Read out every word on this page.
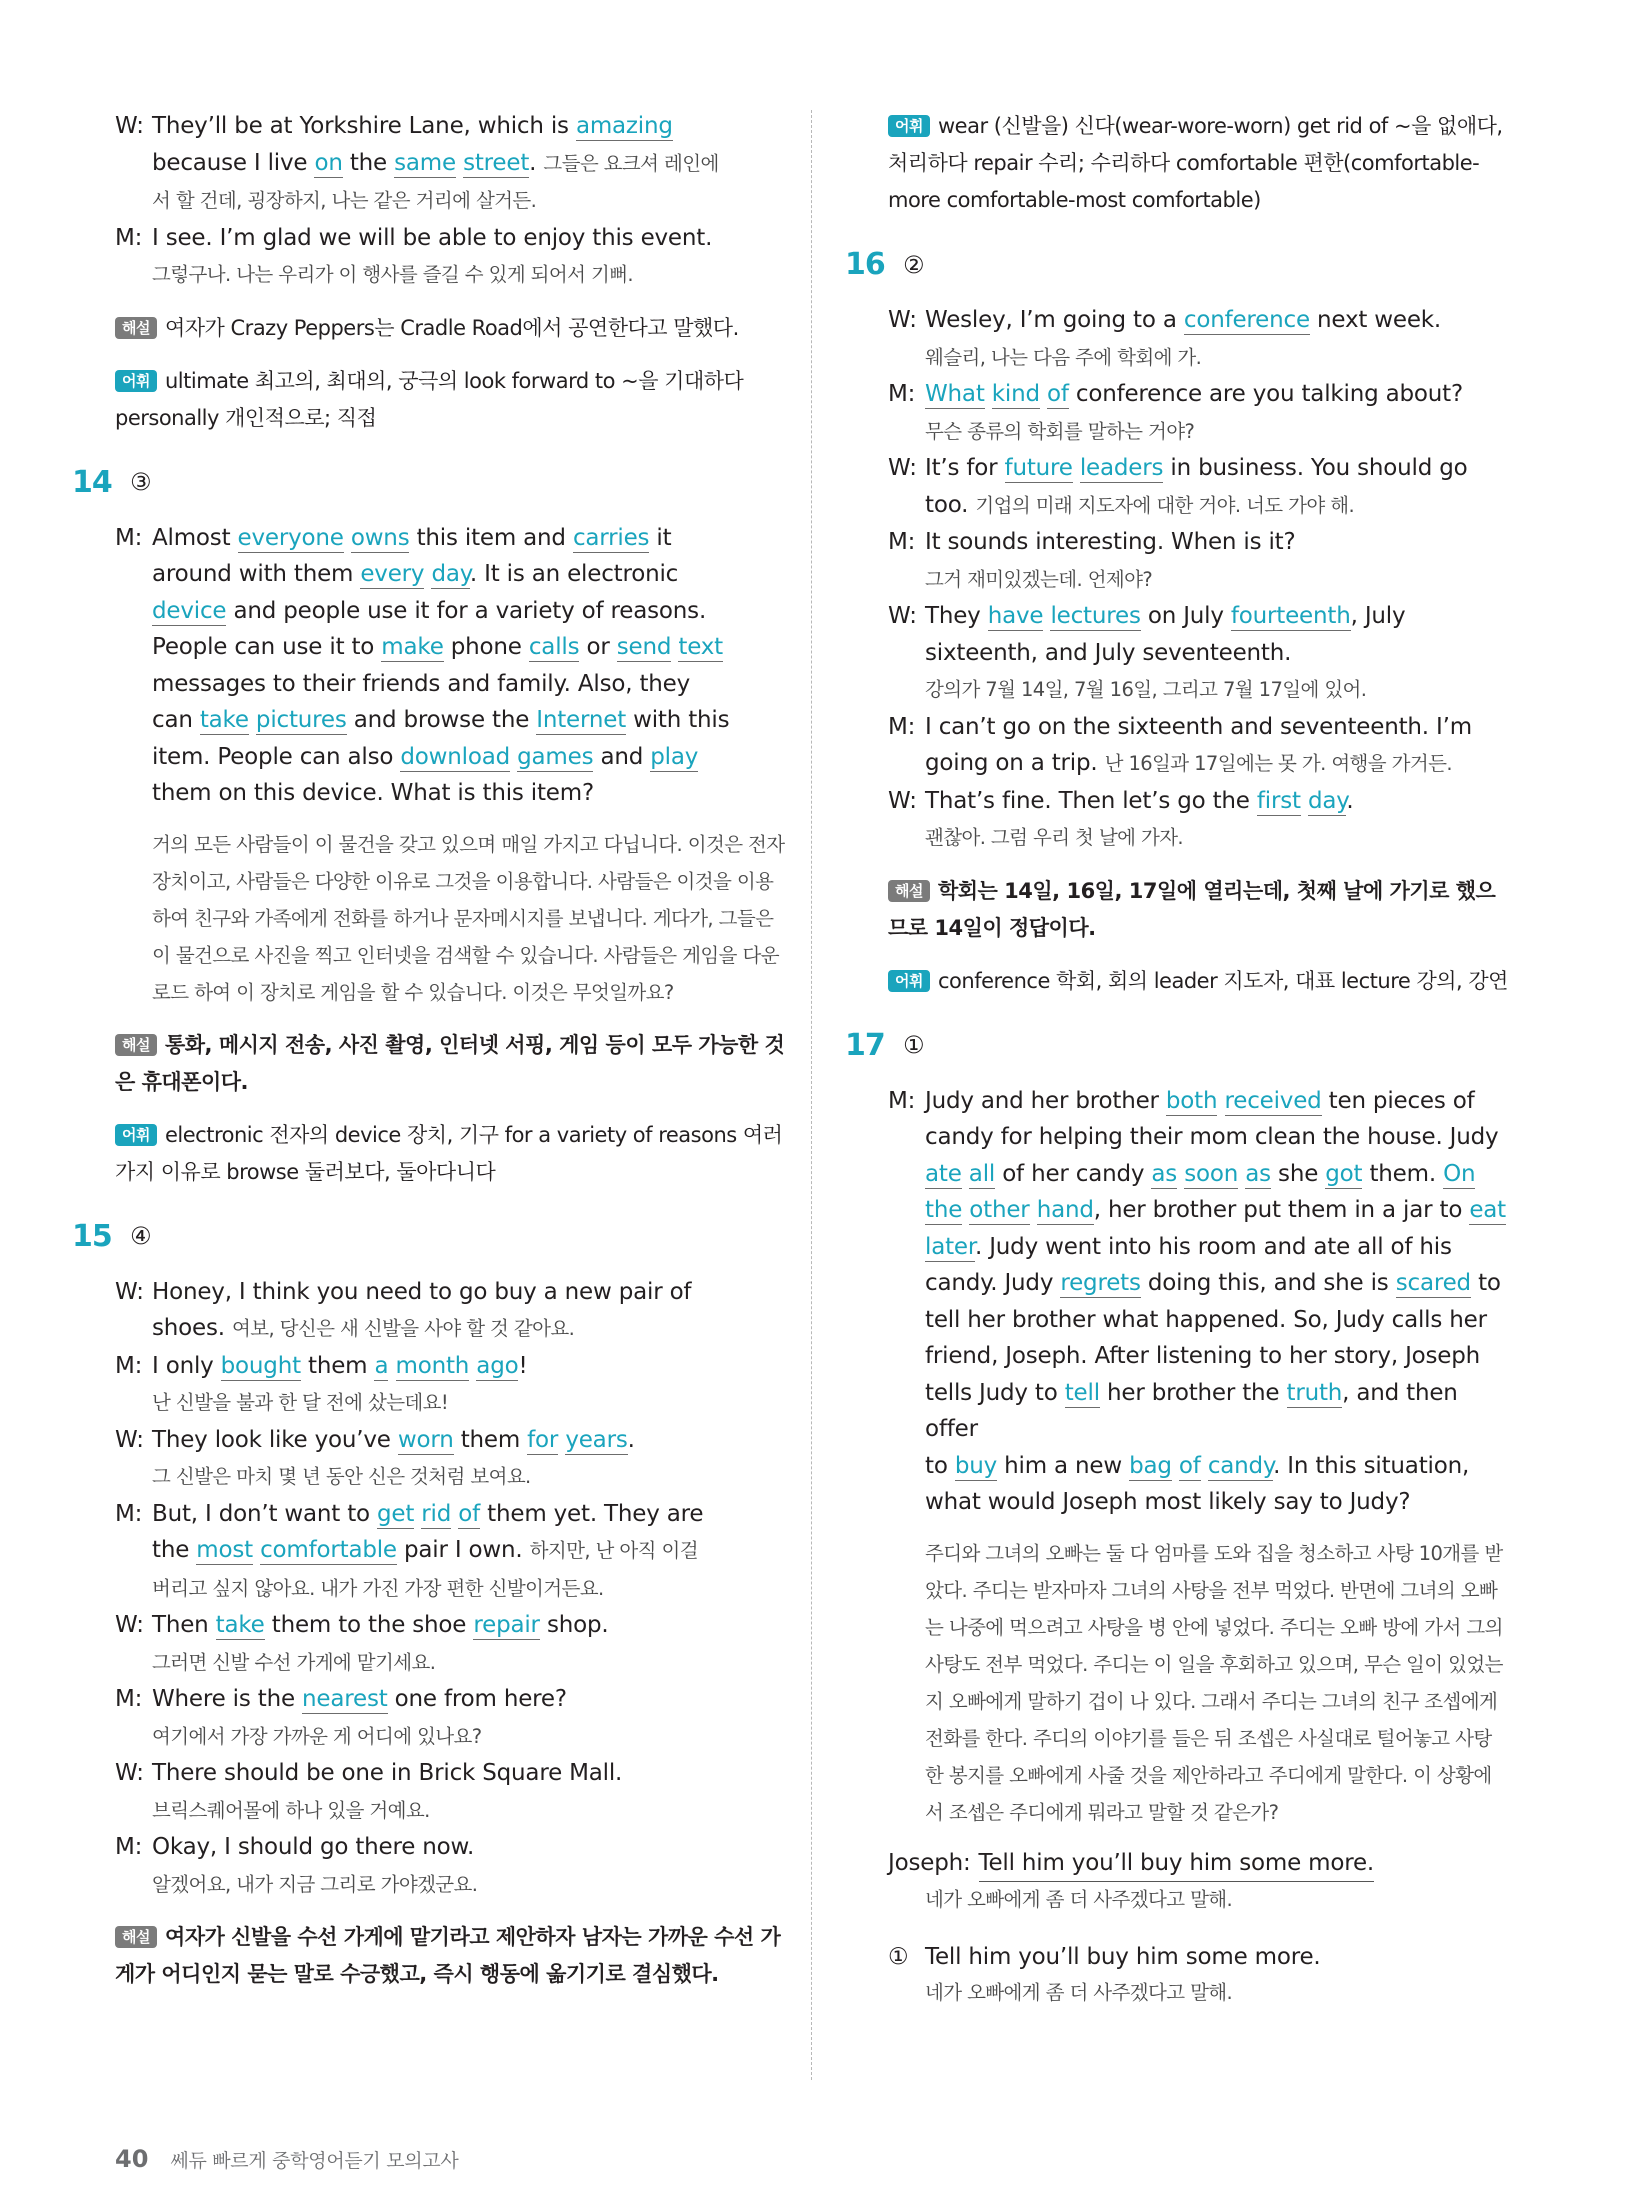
W: They’ll be at Yorkshire Lane, which is amazing
because I live on the same street. 그들은 요크셔 레인에
서 할 건데, 굉장하지, 나는 같은 거리에 살거든.
M: I see. I’m glad we will be able to enjoy this event.
그렇구나. 나는 우리가 이 행사를 즐길 수 있게 되어서 기뻐.
해설 여자가 Crazy Peppers는 Cradle Road에서 공연한다고 말했다.
어휘 ultimate 최고의, 최대의, 궁극의 look forward to ~을 기대하다 personally 개인적으로; 직접
14 ③
M: Almost everyone owns this item and carries it
around with them every day. It is an electronic
device and people use it for a variety of reasons.
People can use it to make phone calls or send text
messages to their friends and family. Also, they
can take pictures and browse the Internet with this
item. People can also download games and play
them on this device. What is this item?
거의 모든 사람들이 이 물건을 갖고 있으며 매일 가지고 다닙니다. 이것은 전자장치이고, 사람들은 다양한 이유로 그것을 이용합니다. 사람들은 이것을 이용하여 친구와 가족에게 전화를 하거나 문자메시지를 보냅니다. 게다가, 그들은 이 물건으로 사진을 찍고 인터넷을 검색할 수 있습니다. 사람들은 게임을 다운로드 하여 이 장치로 게임을 할 수 있습니다. 이것은 무엇일까요?
해설 통화, 메시지 전송, 사진 촬영, 인터넷 서핑, 게임 등이 모두 가능한 것은 휴대폰이다.
어휘 electronic 전자의 device 장치, 기구 for a variety of reasons 여러 가지 이유로 browse 둘러보다, 둘아다니다
15 ④
W: Honey, I think you need to go buy a new pair of
shoes. 여보, 당신은 새 신발을 사야 할 것 같아요.
M: I only bought them a month ago!
난 신발을 불과 한 달 전에 샀는데요!
W: They look like you’ve worn them for years.
그 신발은 마치 몇 년 동안 신은 것처럼 보여요.
M: But, I don’t want to get rid of them yet. They are
the most comfortable pair I own. 하지만, 난 아직 이걸
버리고 싶지 않아요. 내가 가진 가장 편한 신발이거든요.
W: Then take them to the shoe repair shop.
그러면 신발 수선 가게에 맡기세요.
M: Where is the nearest one from here?
여기에서 가장 가까운 게 어디에 있나요?
W: There should be one in Brick Square Mall.
브릭스퀘어몰에 하나 있을 거예요.
M: Okay, I should go there now.
알겠어요, 내가 지금 그리로 가야겠군요.
해설 여자가 신발을 수선 가게에 맡기라고 제안하자 남자는 가까운 수선 가게가 어디인지 묻는 말로 수긍했고, 즉시 행동에 옮기기로 결심했다.
어휘 wear (신발을) 신다(wear-wore-worn) get rid of ~을 없애다, 처리하다 repair 수리; 수리하다 comfortable 편한(comfortable-more comfortable-most comfortable)
16 ②
W: Wesley, I’m going to a conference next week.
웨슬리, 나는 다음 주에 학회에 가.
M: What kind of conference are you talking about?
무슨 종류의 학회를 말하는 거야?
W: It’s for future leaders in business. You should go
too. 기업의 미래 지도자에 대한 거야. 너도 가야 해.
M: It sounds interesting. When is it?
그거 재미있겠는데. 언제야?
W: They have lectures on July fourteenth, July
sixteenth, and July seventeenth.
강의가 7월 14일, 7월 16일, 그리고 7월 17일에 있어.
M: I can’t go on the sixteenth and seventeenth. I’m
going on a trip. 난 16일과 17일에는 못 가. 여행을 가거든.
W: That’s fine. Then let’s go the first day.
괜찮아. 그럼 우리 첫 날에 가자.
해설 학회는 14일, 16일, 17일에 열리는데, 첫째 날에 가기로 했으므로 14일이 정답이다.
어휘 conference 학회, 회의 leader 지도자, 대표 lecture 강의, 강연
17 ①
M: Judy and her brother both received ten pieces of
candy for helping their mom clean the house. Judy
ate all of her candy as soon as she got them. On
the other hand, her brother put them in a jar to eat
later. Judy went into his room and ate all of his
candy. Judy regrets doing this, and she is scared to
tell her brother what happened. So, Judy calls her
friend, Joseph. After listening to her story, Joseph
tells Judy to tell her brother the truth, and then offer
to buy him a new bag of candy. In this situation,
what would Joseph most likely say to Judy?
주디와 그녀의 오빠는 둘 다 엄마를 도와 집을 청소하고 사탕 10개를 받았다. 주디는 받자마자 그녀의 사탕을 전부 먹었다. 반면에 그녀의 오빠는 나중에 먹으려고 사탕을 병 안에 넣었다. 주디는 오빠 방에 가서 그의 사탕도 전부 먹었다. 주디는 이 일을 후회하고 있으며, 무슨 일이 있었는지 오빠에게 말하기 겁이 나 있다. 그래서 주디는 그녀의 친구 조셉에게 전화를 한다. 주디의 이야기를 들은 뒤 조셉은 사실대로 털어놓고 사탕 한 봉지를 오빠에게 사줄 것을 제안하라고 주디에게 말한다. 이 상황에서 조셉은 주디에게 뭐라고 말할 것 같은가?
Joseph: Tell him you’ll buy him some more.
네가 오빠에게 좀 더 사주겠다고 말해.
① Tell him you’ll buy him some more.
네가 오빠에게 좀 더 사주겠다고 말해.
40 쎄듀 빠르게 중학영어듣기 모의고사
